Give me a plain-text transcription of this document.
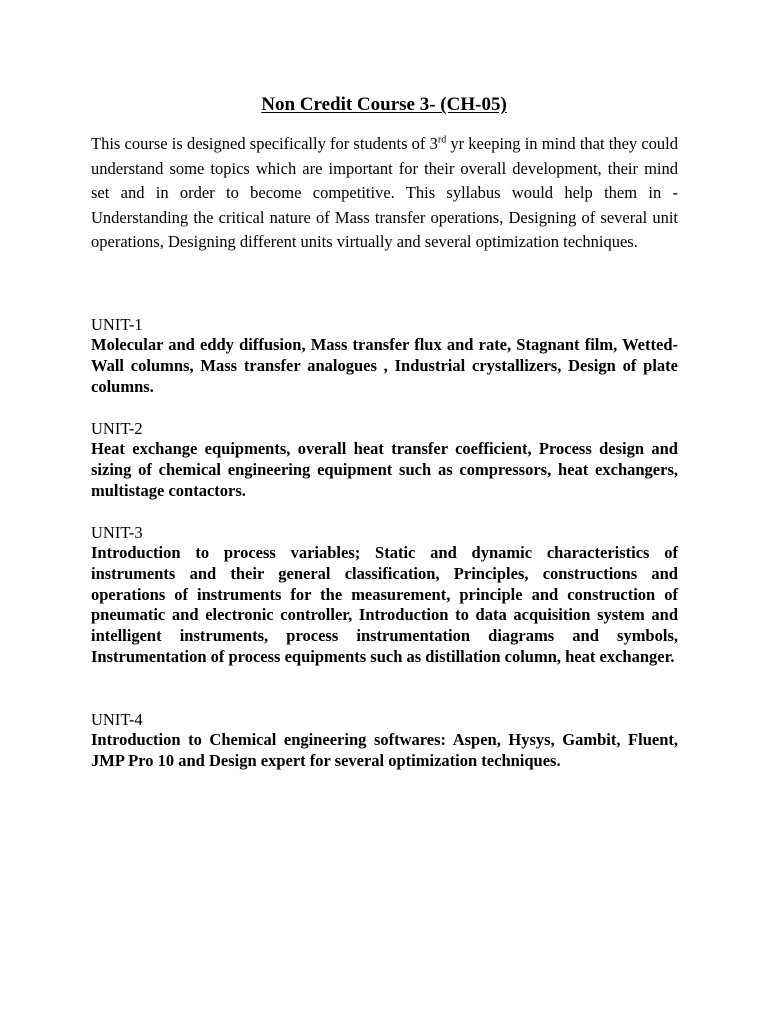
Non Credit Course 3- (CH-05)

This course is designed specifically for students of 3rd yr keeping in mind that they could understand some topics which are important for their overall development, their mind set and in order to become competitive. This syllabus would help them in -Understanding the critical nature of Mass transfer operations, Designing of several unit operations, Designing different units virtually and several optimization techniques.

UNIT-1

Molecular and eddy diffusion, Mass transfer flux and rate, Stagnant film, Wetted- Wall columns, Mass transfer analogues , Industrial crystallizers, Design of plate columns.

UNIT-2

Heat exchange equipments, overall heat transfer coefficient, Process design and sizing of chemical engineering equipment such as compressors, heat exchangers, multistage contactors.

UNIT-3

Introduction to process variables; Static and dynamic characteristics of instruments and their general classification, Principles, constructions and operations of instruments for the measurement, principle and construction of pneumatic and electronic controller, Introduction to data acquisition system and intelligent instruments, process instrumentation diagrams and symbols, Instrumentation of process equipments such as distillation column, heat exchanger.

UNIT-4

Introduction to Chemical engineering softwares: Aspen, Hysys, Gambit, Fluent, JMP Pro 10 and Design expert for several optimization techniques.
